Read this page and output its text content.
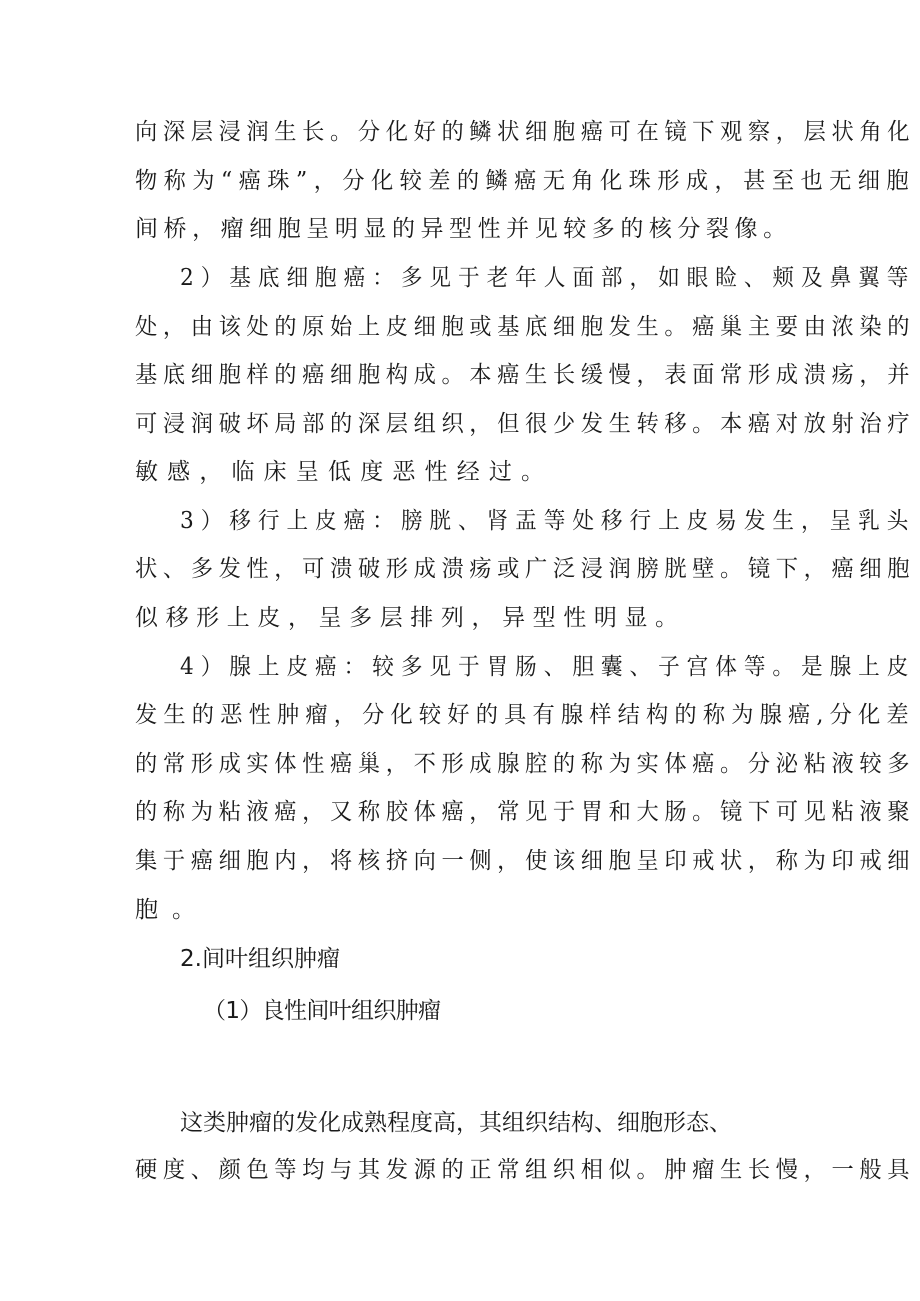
向深层浸润生长。分化好的鳞状细胞癌可在镜下观察，层状角化
物称为“癌珠”，分化较差的鳞癌无角化珠形成，甚至也无细胞
间桥，瘤细胞呈明显的异型性并见较多的核分裂像。
2）基底细胞癌：多见于老年人面部，如眼睑、颊及鼻翼等
处，由该处的原始上皮细胞或基底细胞发生。癌巢主要由浓染的
基底细胞样的癌细胞构成。本癌生长缓慢，表面常形成溃疡，并
可浸润破坏局部的深层组织，但很少发生转移。本癌对放射治疗
敏感，临床呈低度恶性经过。
3）移行上皮癌：膀胱、肾盂等处移行上皮易发生，呈乳头
状、多发性，可溃破形成溃疡或广泛浸润膀胱壁。镜下，癌细胞
似移形上皮，呈多层排列，异型性明显。
4）腺上皮癌：较多见于胃肠、胆囊、子宫体等。是腺上皮
发生的恶性肿瘤，分化较好的具有腺样结构的称为腺癌,分化差
的常形成实体性癌巢，不形成腺腔的称为实体癌。分泌粘液较多
的称为粘液癌，又称胶体癌，常见于胃和大肠。镜下可见粘液聚
集于癌细胞内，将核挤向一侧，使该细胞呈印戒状，称为印戒细
胞。
2.间叶组织肿瘤
（1）良性间叶组织肿瘤
这类肿瘤的发化成熟程度高，其组织结构、细胞形态、
硬度、颜色等均与其发源的正常组织相似。肿瘤生长慢，一般具
